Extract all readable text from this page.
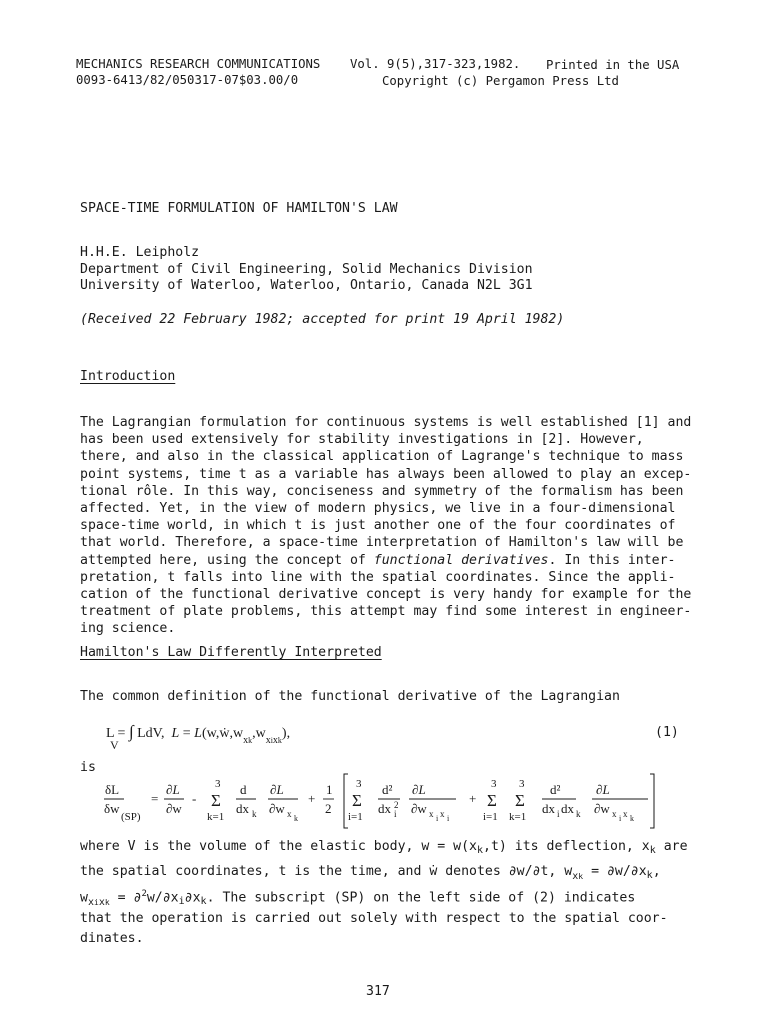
MECHANICS RESEARCH COMMUNICATIONS Vol. 9(5),317-323,1982. Printed in the USA
0093-6413/82/050317-07$03.00/0	Copyright (c) Pergamon Press Ltd
SPACE-TIME FORMULATION OF HAMILTON'S LAW
H.H.E. Leipholz
Department of Civil Engineering, Solid Mechanics Division
University of Waterloo, Waterloo, Ontario, Canada N2L 3G1
(Received 22 February 1982; accepted for print 19 April 1982)
Introduction
The Lagrangian formulation for continuous systems is well established [1] and
has been used extensively for stability investigations in [2]. However,
there, and also in the classical application of Lagrange's technique to mass
point systems, time t as a variable has always been allowed to play an excep-
tional rôle. In this way, conciseness and symmetry of the formalism has been
affected. Yet, in the view of modern physics, we live in a four-dimensional
space-time world, in which t is just another one of the four coordinates of
that world. Therefore, a space-time interpretation of Hamilton's law will be
attempted here, using the concept of functional derivatives. In this inter-
pretation, t falls into line with the spatial coordinates. Since the appli-
cation of the functional derivative concept is very handy for example for the
treatment of plate problems, this attempt may find some interest in engineer-
ing science.
Hamilton's Law Differently Interpreted
The common definition of the functional derivative of the Lagrangian
L = ∫ LdV,  $L = L(w,ẇ,w_{xk},w_{xixk})$,
V
(1)
is
δL
δw
(SP)
=
∂L
∂w
-
3
Σ
k=1
d
dx k
∂L
∂w x k
+
1
2
3
Σ
i=1
d²
dx 2
i
∂L
∂w x i x i
+
3
Σ
i=1
3
Σ
k=1
d²
dx i dx k
∂L
∂w x i x k
where V is the volume of the elastic body, $w = w(x_k,t)$ its deflection, $x_k$ are
the spatial coordinates, t is the time, and ẇ denotes ∂w/∂t, $w_{xk} = \partial w/\partial x_k$,
$w_{xixk} = \partial^2w/\partial x_i\partial x_k$. The subscript (SP) on the left side of (2) indicates
that the operation is carried out solely with respect to the spatial coor-
dinates.
317
